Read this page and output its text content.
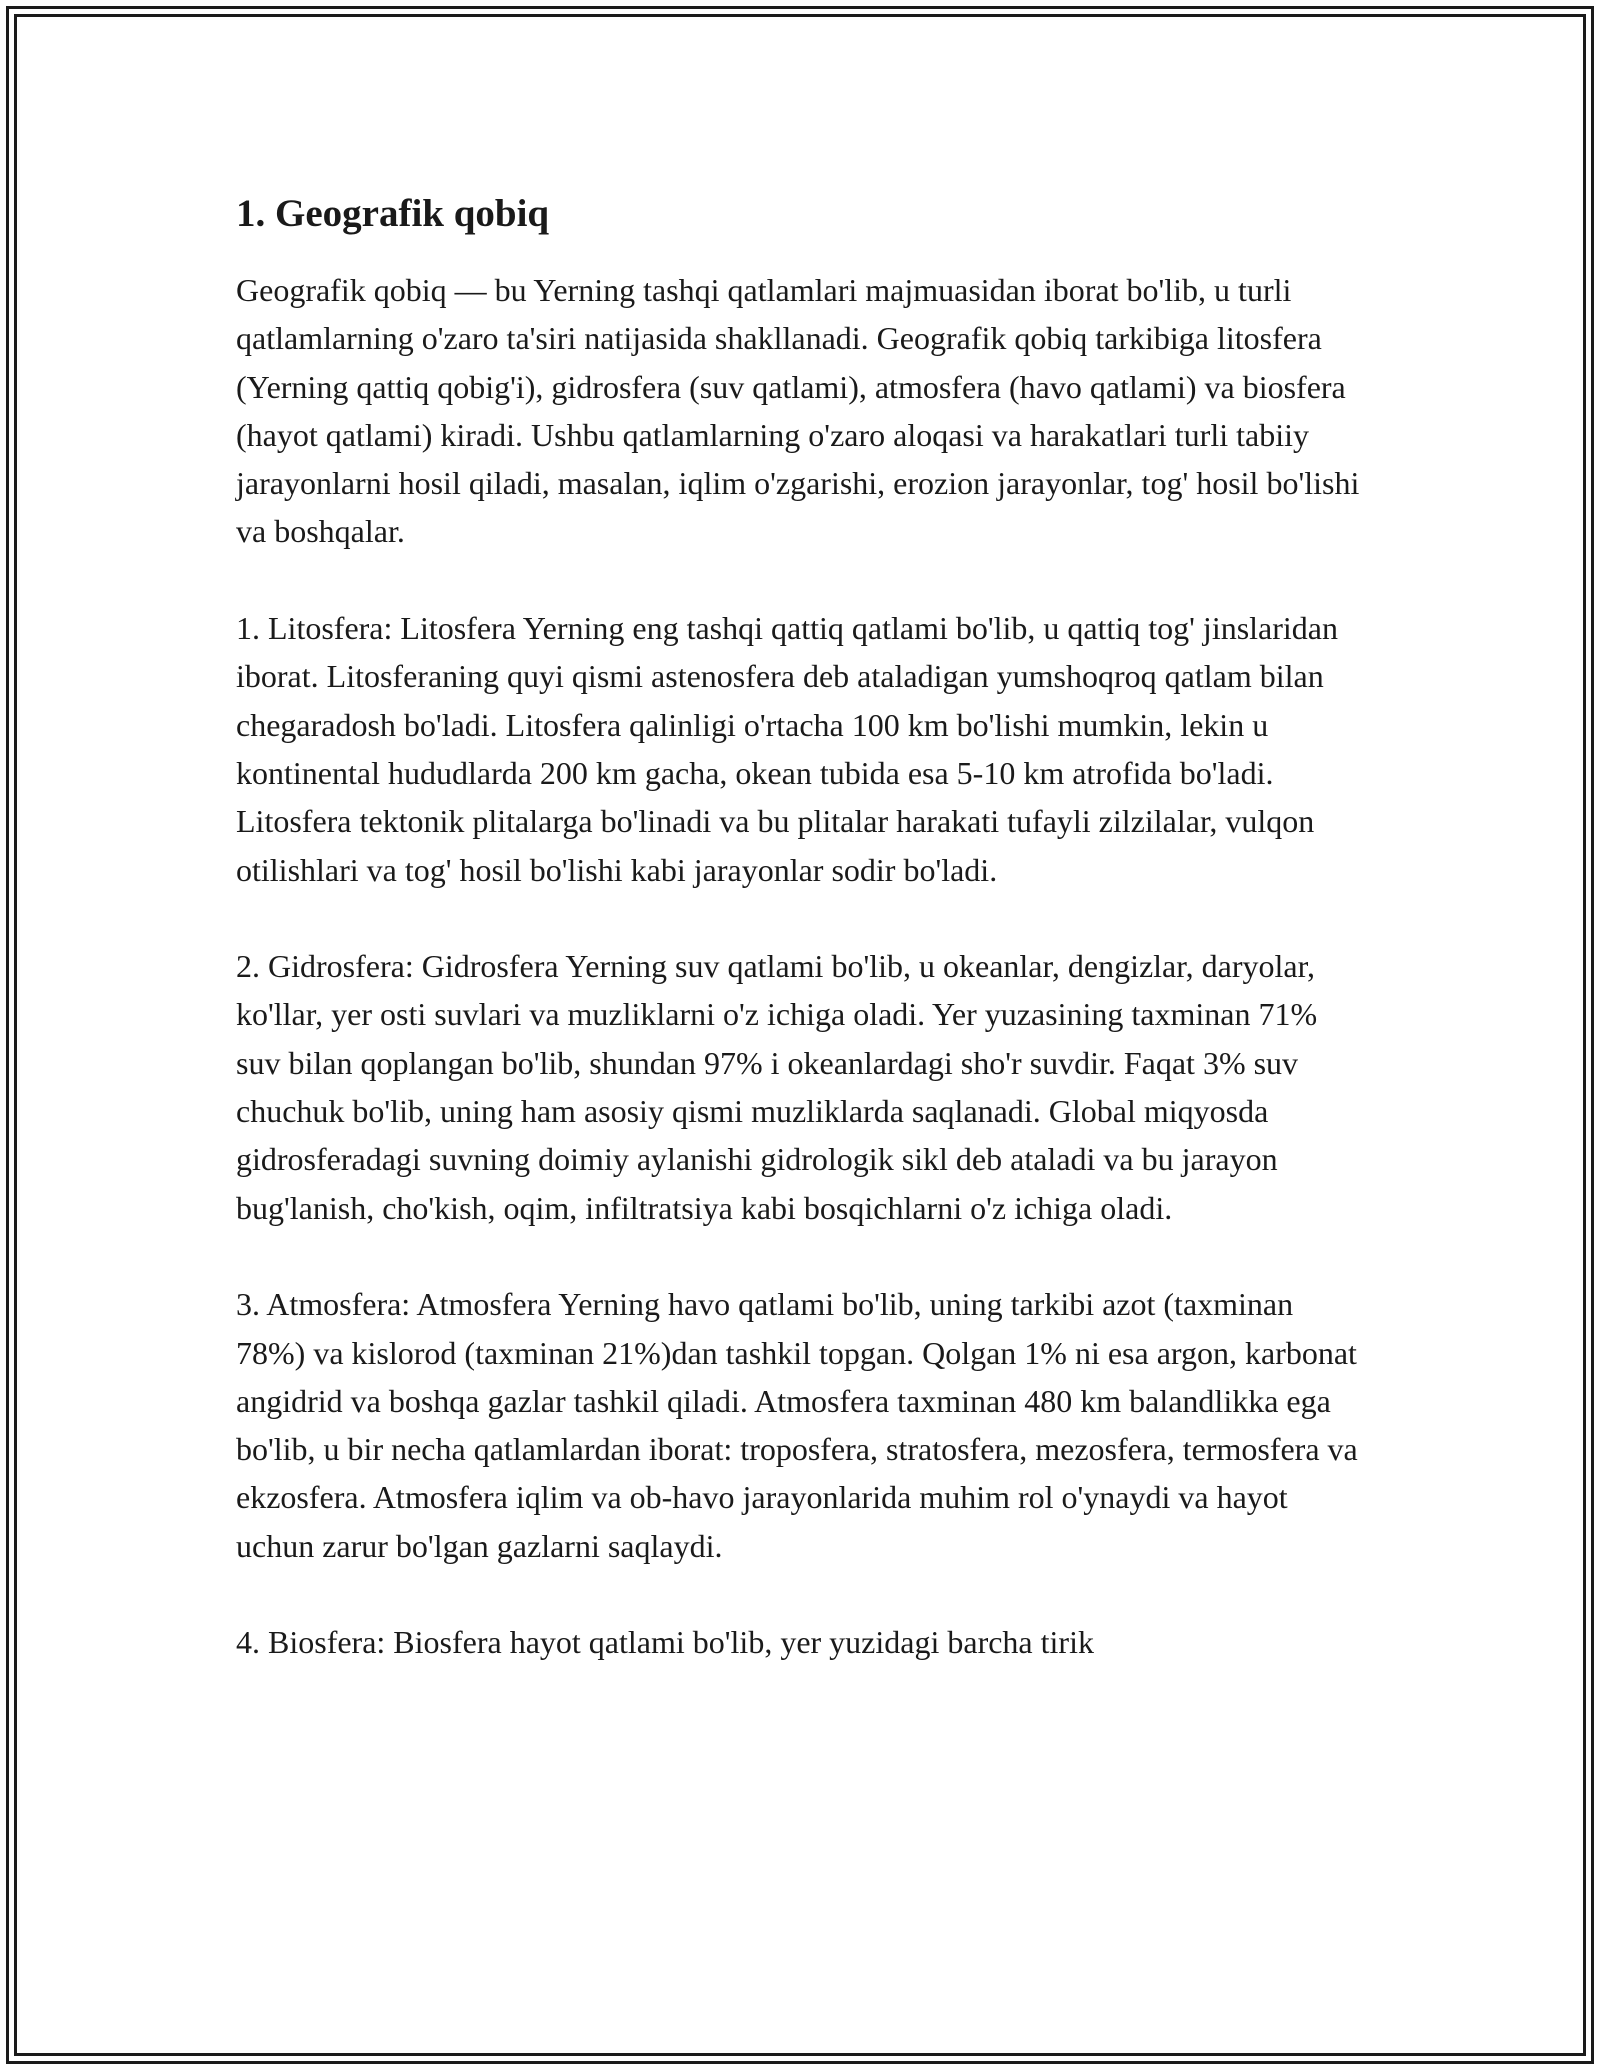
1. Geografik qobiq

Geografik qobiq — bu Yerning tashqi qatlamlari majmuasidan iborat bo'lib, u turli qatlamlarning o'zaro ta'siri natijasida shakllanadi. Geografik qobiq tarkibiga litosfera (Yerning qattiq qobig'i), gidrosfera (suv qatlami), atmosfera (havo qatlami) va biosfera (hayot qatlami) kiradi. Ushbu qatlamlarning o'zaro aloqasi va harakatlari turli tabiiy jarayonlarni hosil qiladi, masalan, iqlim o'zgarishi, erozion jarayonlar, tog' hosil bo'lishi va boshqalar.

1. Litosfera: Litosfera Yerning eng tashqi qattiq qatlami bo'lib, u qattiq tog' jinslaridan iborat. Litosferaning quyi qismi astenosfera deb ataladigan yumshoqroq qatlam bilan chegaradosh bo'ladi. Litosfera qalinligi o'rtacha 100 km bo'lishi mumkin, lekin u kontinental hududlarda 200 km gacha, okean tubida esa 5-10 km atrofida bo'ladi. Litosfera tektonik plitalarga bo'linadi va bu plitalar harakati tufayli zilzilalar, vulqon otilishlari va tog' hosil bo'lishi kabi jarayonlar sodir bo'ladi.

2. Gidrosfera: Gidrosfera Yerning suv qatlami bo'lib, u okeanlar, dengizlar, daryolar, ko'llar, yer osti suvlari va muzliklarni o'z ichiga oladi. Yer yuzasining taxminan 71% suv bilan qoplangan bo'lib, shundan 97% i okeanlardagi sho'r suvdir. Faqat 3% suv chuchuk bo'lib, uning ham asosiy qismi muzliklarda saqlanadi. Global miqyosda gidrosferadagi suvning doimiy aylanishi gidrologik sikl deb ataladi va bu jarayon bug'lanish, cho'kish, oqim, infiltratsiya kabi bosqichlarni o'z ichiga oladi.

3. Atmosfera: Atmosfera Yerning havo qatlami bo'lib, uning tarkibi azot (taxminan 78%) va kislorod (taxminan 21%)dan tashkil topgan. Qolgan 1% ni esa argon, karbonat angidrid va boshqa gazlar tashkil qiladi. Atmosfera taxminan 480 km balandlikka ega bo'lib, u bir necha qatlamlardan iborat: troposfera, stratosfera, mezosfera, termosfera va ekzosfera. Atmosfera iqlim va ob-havo jarayonlarida muhim rol o'ynaydi va hayot uchun zarur bo'lgan gazlarni saqlaydi.

4. Biosfera: Biosfera hayot qatlami bo'lib, yer yuzidagi barcha tirik
